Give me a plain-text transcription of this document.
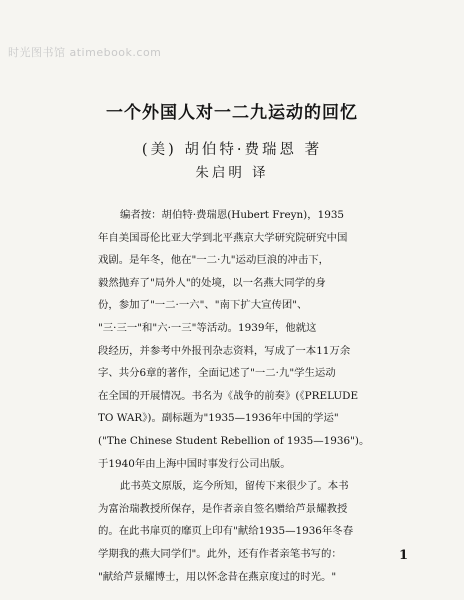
时光图书馆 atimebook.com
一个外国人对一二九运动的回忆
(美) 胡伯特·费瑞恩 著
朱启明 译
编者按：胡伯特·费瑞恩(Hubert Freyn)，1935
年自美国哥伦比亚大学到北平燕京大学研究院研究中国
戏剧。是年冬，他在"一二·九"运动巨浪的冲击下，
毅然抛弃了"局外人"的处境，以一名燕大同学的身
份，参加了"一二·一六"、"南下扩大宣传团"、
"三·三一"和"六·一三"等活动。1939年，他就这
段经历，并参考中外报刊杂志资料，写成了一本11万余
字、共分6章的著作，全面记述了"一二·九"学生运动
在全国的开展情况。书名为《战争的前奏》(《PRELUDE
TO WAR》)。副标题为"1935—1936年中国的学运"
("The Chinese Student Rebellion of 1935—1936")。
于1940年由上海中国时事发行公司出版。
此书英文原版，迄今所知，留传下来很少了。本书
为富治瑞教授所保存，是作者亲自签名赠给芦景耀教授
的。在此书扉页的靡页上印有"献给1935—1936年冬春
学期我的燕大同学们"。此外，还有作者亲笔书写的：
"献给芦景耀博士，用以怀念昔在燕京度过的时光。"
1
